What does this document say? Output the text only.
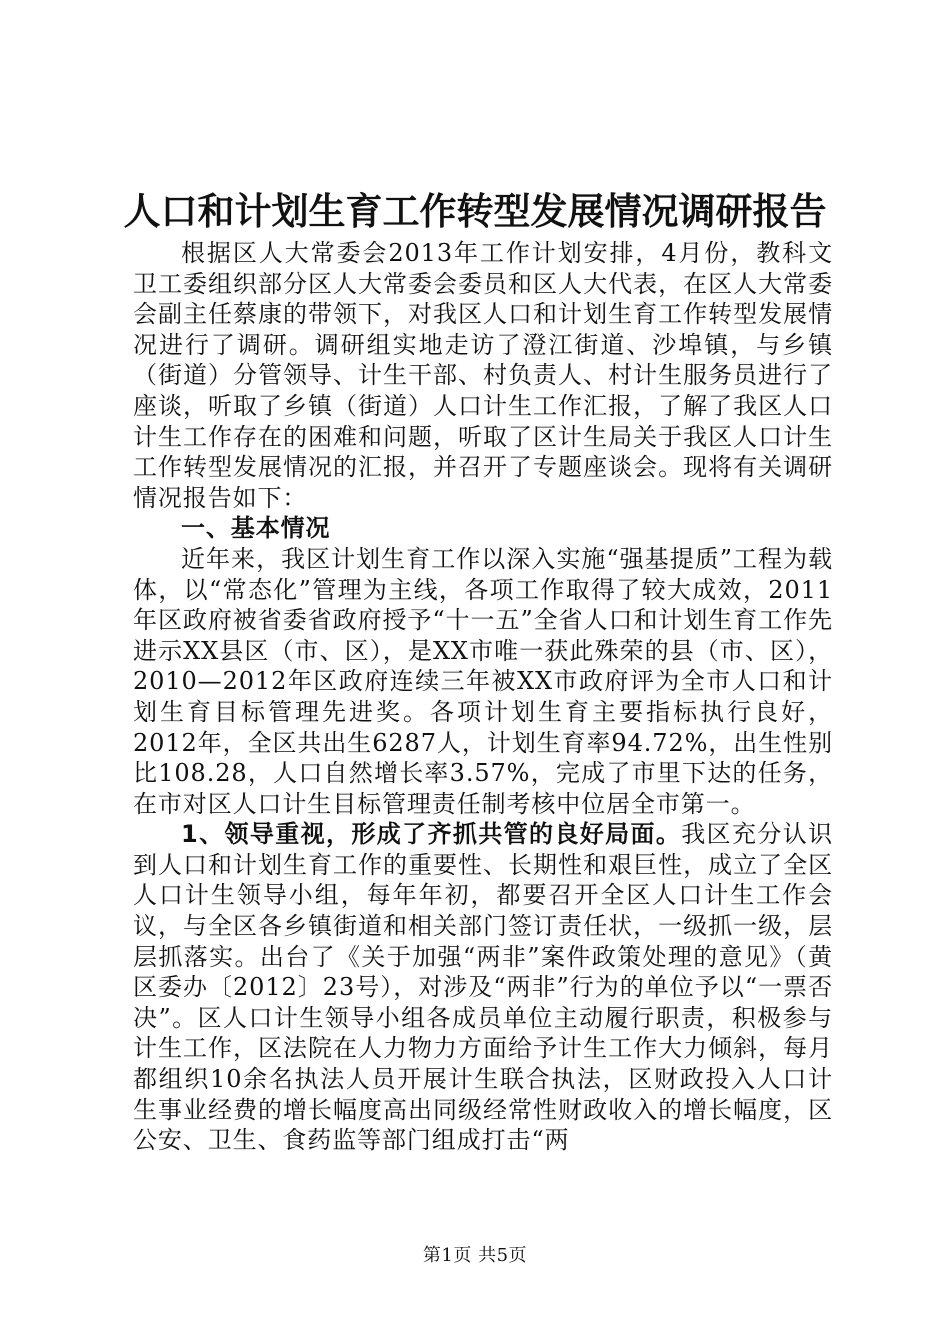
人口和计划生育工作转型发展情况调研报告

根据区人大常委会2013年工作计划安排，4月份，教科文卫工委组织部分区人大常委会委员和区人大代表，在区人大常委会副主任蔡康的带领下，对我区人口和计划生育工作转型发展情况进行了调研。调研组实地走访了澄江街道、沙埠镇，与乡镇（街道）分管领导、计生干部、村负责人、村计生服务员进行了座谈，听取了乡镇（街道）人口计生工作汇报，了解了我区人口计生工作存在的困难和问题，听取了区计生局关于我区人口计生工作转型发展情况的汇报，并召开了专题座谈会。现将有关调研情况报告如下：

一、基本情况

近年来，我区计划生育工作以深入实施“强基提质”工程为载体，以“常态化”管理为主线，各项工作取得了较大成效，2011年区政府被省委省政府授予“十一五”全省人口和计划生育工作先进示XX县区（市、区），是XX市唯一获此殊荣的县（市、区），2010—2012年区政府连续三年被XX市政府评为全市人口和计划生育目标管理先进奖。各项计划生育主要指标执行良好，2012年，全区共出生6287人，计划生育率94.72%，出生性别比108.28，人口自然增长率3.57%，完成了市里下达的任务，在市对区人口计生目标管理责任制考核中位居全市第一。

1、领导重视，形成了齐抓共管的良好局面。我区充分认识到人口和计划生育工作的重要性、长期性和艰巨性，成立了全区人口计生领导小组，每年年初，都要召开全区人口计生工作会议，与全区各乡镇街道和相关部门签订责任状，一级抓一级，层层抓落实。出台了《关于加强“两非”案件政策处理的意见》（黄区委办〔2012〕23号），对涉及“两非”行为的单位予以“一票否决”。区人口计生领导小组各成员单位主动履行职责，积极参与计生工作，区法院在人力物力方面给予计生工作大力倾斜，每月都组织10余名执法人员开展计生联合执法，区财政投入人口计生事业经费的增长幅度高出同级经常性财政收入的增长幅度，区公安、卫生、食药监等部门组成打击“两

第1页 共5页
